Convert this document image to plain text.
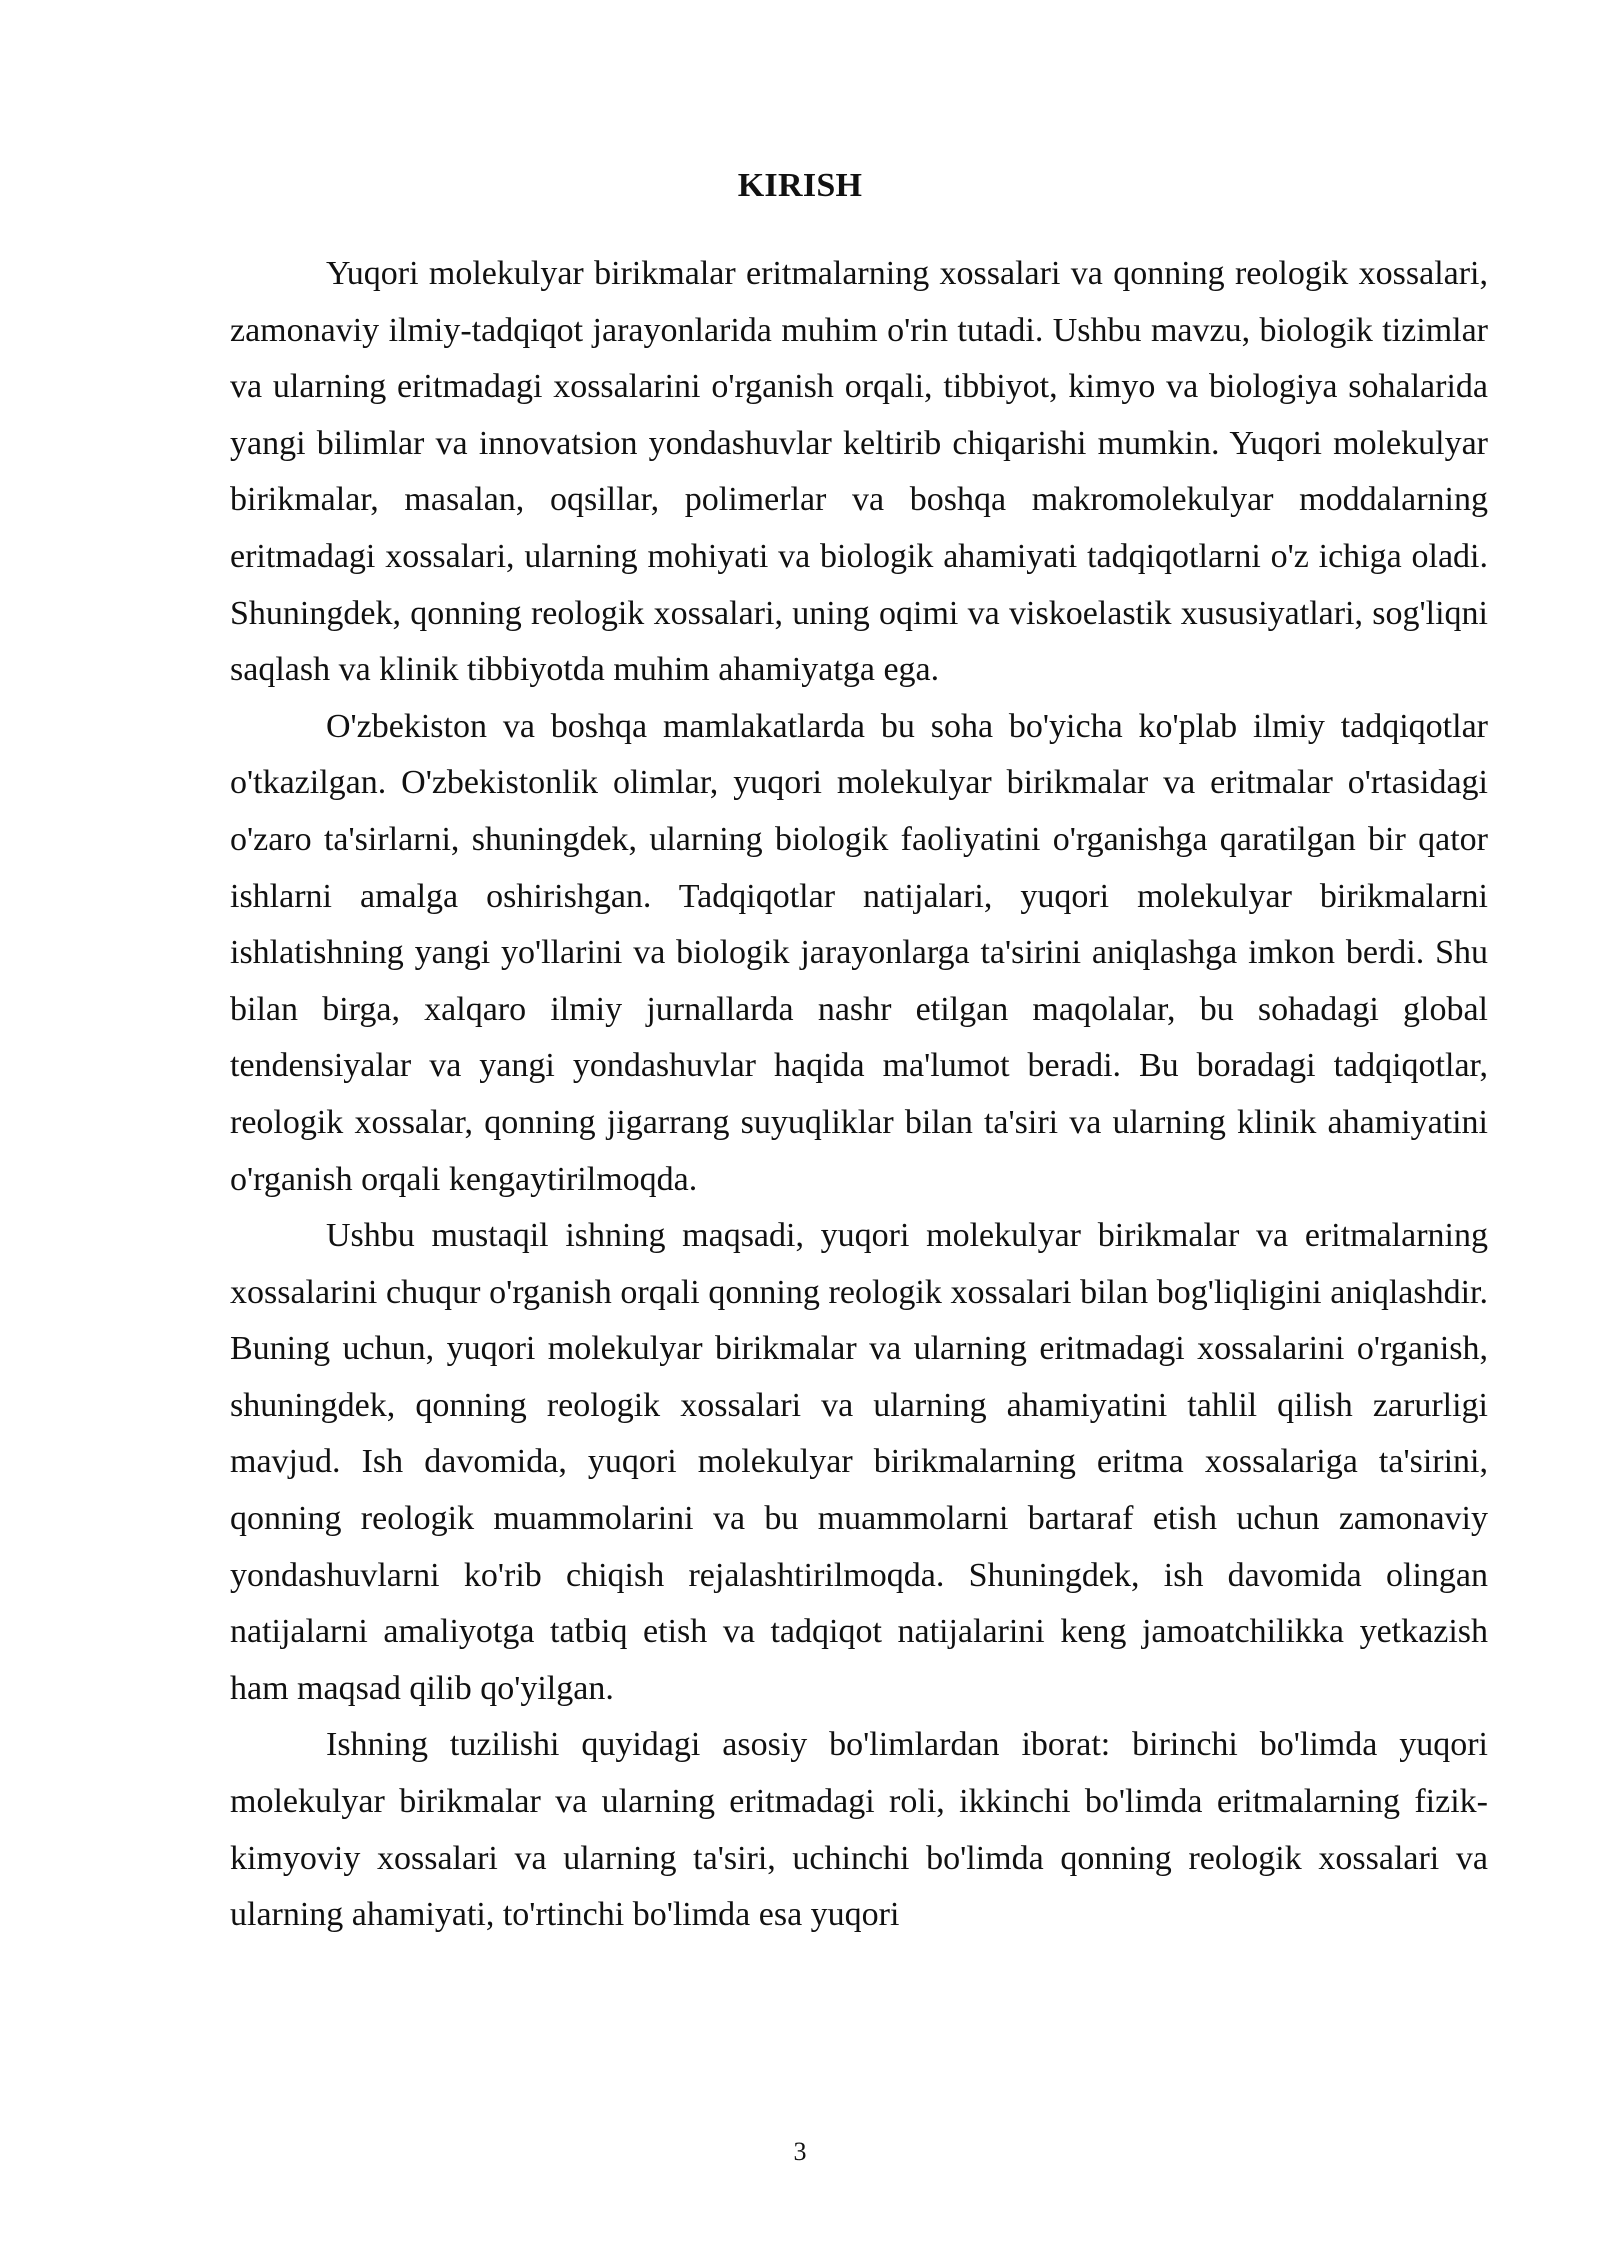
KIRISH

Yuqori molekulyar birikmalar eritmalarning xossalari va qonning reologik xossalari, zamonaviy ilmiy-tadqiqot jarayonlarida muhim o'rin tutadi. Ushbu mavzu, biologik tizimlar va ularning eritmadagi xossalarini o'rganish orqali, tibbiyot, kimyo va biologiya sohalarida yangi bilimlar va innovatsion yondashuvlar keltirib chiqarishi mumkin. Yuqori molekulyar birikmalar, masalan, oqsillar, polimerlar va boshqa makromolekulyar moddalarning eritmadagi xossalari, ularning mohiyati va biologik ahamiyati tadqiqotlarni o'z ichiga oladi. Shuningdek, qonning reologik xossalari, uning oqimi va viskoelastik xususiyatlari, sog'liqni saqlash va klinik tibbiyotda muhim ahamiyatga ega.

O'zbekiston va boshqa mamlakatlarda bu soha bo'yicha ko'plab ilmiy tadqiqotlar o'tkazilgan. O'zbekistonlik olimlar, yuqori molekulyar birikmalar va eritmalar o'rtasidagi o'zaro ta'sirlarni, shuningdek, ularning biologik faoliyatini o'rganishga qaratilgan bir qator ishlarni amalga oshirishgan. Tadqiqotlar natijalari, yuqori molekulyar birikmalarni ishlatishning yangi yo'llarini va biologik jarayonlarga ta'sirini aniqlashga imkon berdi. Shu bilan birga, xalqaro ilmiy jurnallarda nashr etilgan maqolalar, bu sohadagi global tendensiyalar va yangi yondashuvlar haqida ma'lumot beradi. Bu boradagi tadqiqotlar, reologik xossalar, qonning jigarrang suyuqliklar bilan ta'siri va ularning klinik ahamiyatini o'rganish orqali kengaytirilmoqda.

Ushbu mustaqil ishning maqsadi, yuqori molekulyar birikmalar va eritmalarning xossalarini chuqur o'rganish orqali qonning reologik xossalari bilan bog'liqligini aniqlashdir. Buning uchun, yuqori molekulyar birikmalar va ularning eritmadagi xossalarini o'rganish, shuningdek, qonning reologik xossalari va ularning ahamiyatini tahlil qilish zarurligi mavjud. Ish davomida, yuqori molekulyar birikmalarning eritma xossalariga ta'sirini, qonning reologik muammolarini va bu muammolarni bartaraf etish uchun zamonaviy yondashuvlarni ko'rib chiqish rejalashtirilmoqda. Shuningdek, ish davomida olingan natijalarni amaliyotga tatbiq etish va tadqiqot natijalarini keng jamoatchilikka yetkazish ham maqsad qilib qo'yilgan.

Ishning tuzilishi quyidagi asosiy bo'limlardan iborat: birinchi bo'limda yuqori molekulyar birikmalar va ularning eritmadagi roli, ikkinchi bo'limda eritmalarning fizik-kimyoviy xossalari va ularning ta'siri, uchinchi bo'limda qonning reologik xossalari va ularning ahamiyati, to'rtinchi bo'limda esa yuqori

3
